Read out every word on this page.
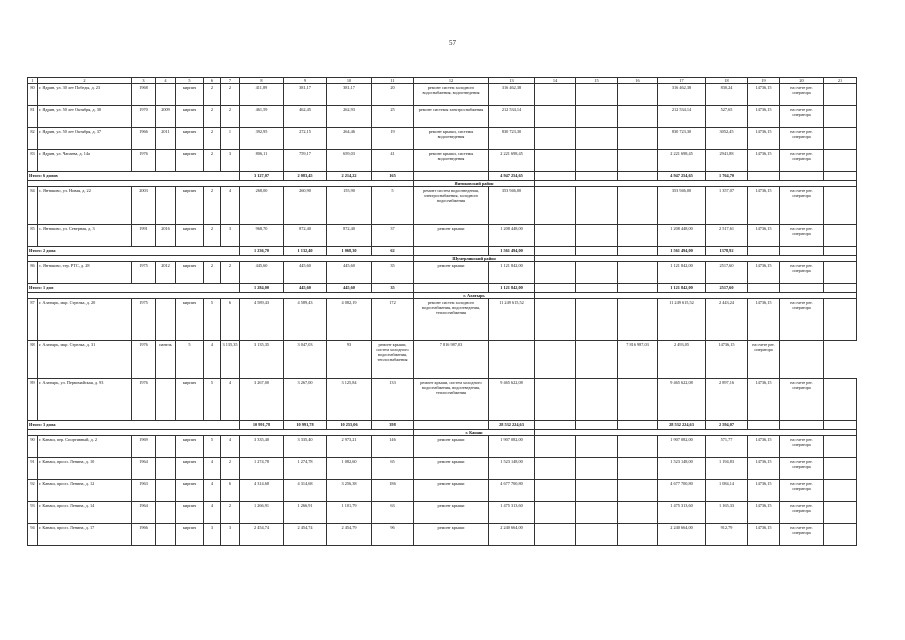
57
1	2	3	4	5	6	7	8	9	10	11	12	13	14	15	16	17	18	19	20	21
80	г. Ядрин, ул. 30 лет Победы, д. 23	1968		кирпич	2	2	411,89	381,17	381,17	20	ремонт систем холодного водоснабжения, водоотведения	316 462,38				316 462,38	830,24	14736,15	на счете рег. оператора	
81	г. Ядрин, ул. 50 лет Октября, д. 30	1970	2009	кирпич	2	2	461,59	462,45	262,93	25	ремонт системы электроснабжения	212 534,14				212 534,14	527,65	14736,15	на счете рег. оператора	
82	г. Ядрин, ул. 50 лет Октября, д. 37	1966	2011	кирпич	2	1	392,95	272,15	264,46	19	ремонт крыши, системы водоотведения	830 723,30				830 723,30	3052,45	14736,15	на счете рег. оператора	
83	г. Ядрин, ул. Чапаева, д. 14а	1976		кирпич	2	3	806,11	759,17	659,03	41	ремонт крыши, системы водоотведения	2 221 698,45				2 221 698,45	2941,88	14736,15	на счете рег. оператора	
Итого: 6 домов							3 127,07	2 083,45	2 214,22	165		4 947 254,65				4 947 254,65	1 764,70			
											Янтиковский район									
84	с. Янтиково, ул. Новая, д. 22	2003		кирпич	2	4	268,00	260,90	155,90	5	ремонт систем водоотведения, электроснабжения, холодного водоснабжения	353 946,00				353 946,00	1 357,07	14736,15	на счете рег. оператора	
85	с. Янтиково, ул. Северная, д. 3	1991	2016	кирпич	2	3	968,70	872,40	872,40	37	ремонт крыши	1 208 448,00				1 208 448,00	2 517,61	14736,15	на счете рег. оператора	
Итого: 2 дома							1 236,70	1 132,40	1 068,30	62		1 561 494,00				1 561 494,00	1378,92			
											Шумерлинский район									
86	с. Янтиково, тер. РТС, д. 28	1975	2012	кирпич	2	2	445,60	445,60	445,60	35	ремонт крыши	1 121 842,00				1 121 842,00	2517,60	14736,15	на счете рег. оператора	
Итого: 1 дом							1 284,00	445,60	445,60	35		1 121 842,00				1 121 842,00	2517,60			
											г. Алатырь									
87	г. Алатырь, мкр. Стрелка, д. 20	1975		кирпич	5	6	4 589,43	4 589,43	4 082,19	172	ремонт систем холодного водоснабжения, водоотведения, теплоснабжения	11 249 615,52				11 249 615,52	2 443,24	14736,15	на счете рег. оператора	
88	г. Алатырь, мкр. Стрелка, д. 31	1976	панель	5	4	3 135,35	3 135,35	3 047,03	93	ремонт крыши, систем холодного водоснабжения, теплоснабжения	7 816 987,03				7 816 987,03	2 493,05	14736,15	на счете рег. оператора		
89	г. Алатырь, ул. Первомайская, д. 93	1976		кирпич	5	4	3 267,00	3 267,00	3 125,84	133	ремонт крыши, систем холодного водоснабжения, водоотведения, теплоснабжения	9 465 622,08				9 465 622,08	2 897,16	14736,15	на счете рег. оператора	
Итого: 3 дома							10 991,78	10 991,78	10 255,06	398		28 532 224,63				28 532 224,63	2 594,07			
											г. Канаш									
90	г. Канаш, пер. Спортивный, д. 2	1969		кирпич	5	4	3 335,40	3 335,40	2 973,21	146	ремонт крыши	1 907 082,00				1 907 082,00	571,77	14736,15	на счете рег. оператора	
91	г. Канаш, просп. Ленина, д. 10	1964		кирпич	4	2	1 274,78	1 274,78	1 082,60	65	ремонт крыши	1 523 148,00				1 523 148,00	1 194,83	14736,15	на счете рег. оператора	
92	г. Канаш, просп. Ленина, д. 12	1963		кирпич	4	6	4 314,68	4 314,68	3 256,38	186	ремонт крыши	4 677 700,80				4 677 700,80	1 084,14	14736,15	на счете рег. оператора	
93	г. Канаш, просп. Ленина, д. 14	1964		кирпич	4	2	1 266,91	1 266,91	1 101,79	63	ремонт крыши	1 475 313,60				1 475 313,60	1 165,33	14736,15	на счете рег. оператора	
94	г. Канаш, просп. Ленина, д. 17	1966		кирпич	3	3	2 454,74	2 454,74	2 454,79	96	ремонт крыши	2 240 664,00				2 240 664,00	912,79	14736,15	на счете рег. оператора	
